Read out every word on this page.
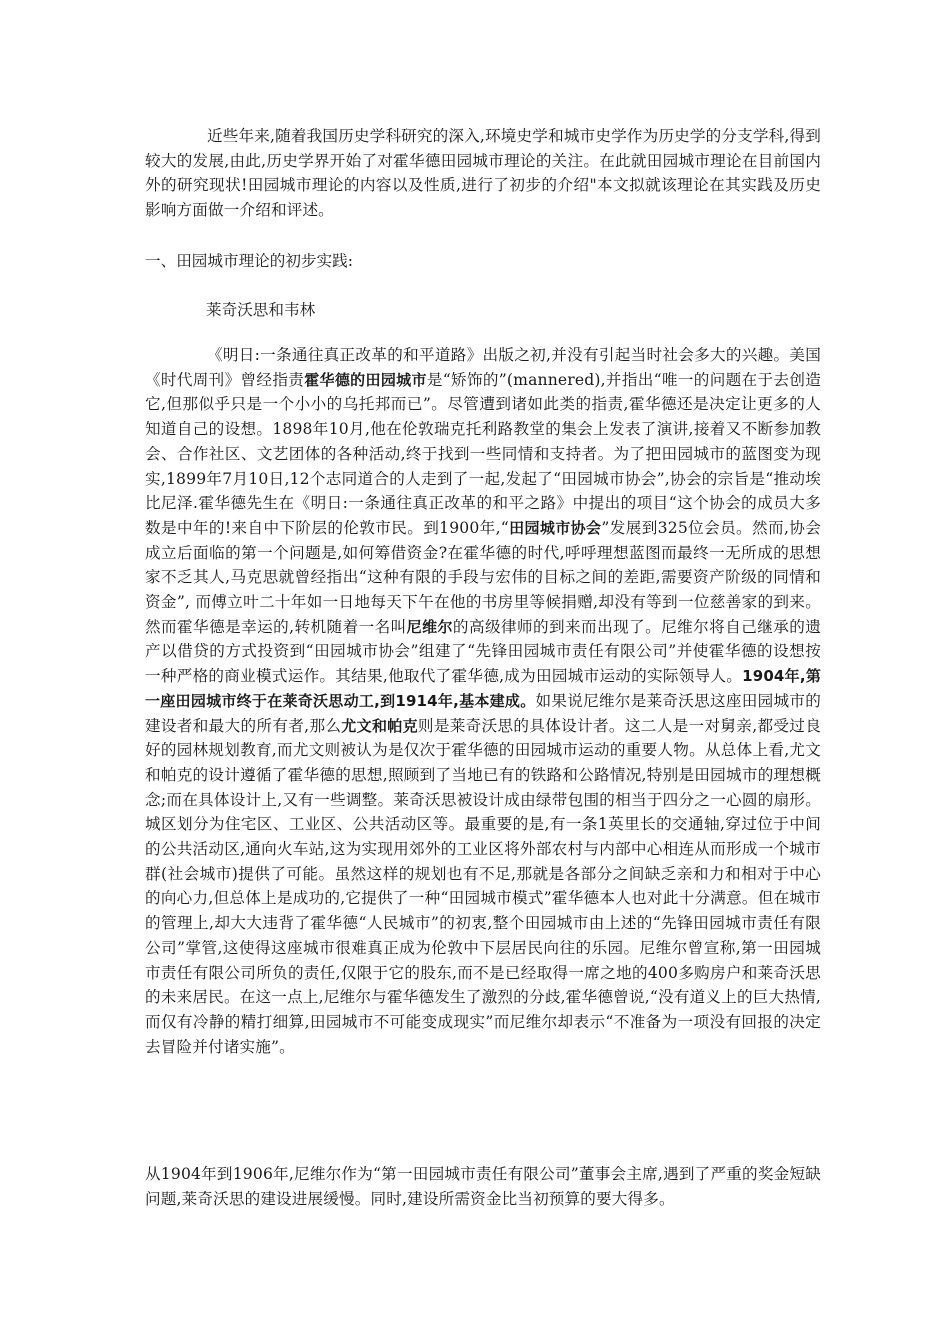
近些年来,随着我国历史学科研究的深入,环境史学和城市史学作为历史学的分支学科,得到较大的发展,由此,历史学界开始了对霍华德田园城市理论的关注。在此就田园城市理论在目前国内外的研究现状!田园城市理论的内容以及性质,进行了初步的介绍"本文拟就该理论在其实践及历史影响方面做一介绍和评述。

一、田园城市理论的初步实践:

莱奇沃思和韦林

《明日:一条通往真正改革的和平道路》出版之初,并没有引起当时社会多大的兴趣。美国《时代周刊》曾经指责霍华德的田园城市是“矫饰的”(mannered),并指出“唯一的问题在于去创造它,但那似乎只是一个小小的乌托邦而已”。尽管遭到诸如此类的指责,霍华德还是决定让更多的人知道自己的设想。1898年10月,他在伦敦瑞克托利路教堂的集会上发表了演讲,接着又不断参加教会、合作社区、文艺团体的各种活动,终于找到一些同情和支持者。为了把田园城市的蓝图变为现实,1899年7月10日,12个志同道合的人走到了一起,发起了“田园城市协会”,协会的宗旨是“推动埃比尼泽.霍华德先生在《明日:一条通往真正改革的和平之路》中提出的项目“这个协会的成员大多数是中年的!来自中下阶层的伦敦市民。到1900年,“田园城市协会”发展到325位会员。然而,协会成立后面临的第一个问题是,如何筹借资金?在霍华德的时代,呼呼理想蓝图而最终一无所成的思想家不乏其人,马克思就曾经指出“这种有限的手段与宏伟的目标之间的差距,需要资产阶级的同情和资金”, 而傅立叶二十年如一日地每天下午在他的书房里等候捐赠,却没有等到一位慈善家的到来。然而霍华德是幸运的,转机随着一名叫尼维尔的高级律师的到来而出现了。尼维尔将自己继承的遗产以借贷的方式投资到“田园城市协会”组建了“先锋田园城市责任有限公司”并使霍华德的设想按一种严格的商业模式运作。其结果,他取代了霍华德,成为田园城市运动的实际领导人。1904年,第一座田园城市终于在莱奇沃思动工,到1914年,基本建成。如果说尼维尔是莱奇沃思这座田园城市的建设者和最大的所有者,那么尤文和帕克则是莱奇沃思的具体设计者。这二人是一对舅亲,都受过良好的园林规划教育,而尤文则被认为是仅次于霍华德的田园城市运动的重要人物。从总体上看,尤文和帕克的设计遵循了霍华德的思想,照顾到了当地已有的铁路和公路情况,特别是田园城市的理想概念;而在具体设计上,又有一些调整。莱奇沃思被设计成由绿带包围的相当于四分之一心圆的扇形。城区划分为住宅区、工业区、公共活动区等。最重要的是,有一条1英里长的交通轴,穿过位于中间的公共活动区,通向火车站,这为实现用郊外的工业区将外部农村与内部中心相连从而形成一个城市群(社会城市)提供了可能。虽然这样的规划也有不足,那就是各部分之间缺乏亲和力和相对于中心的向心力,但总体上是成功的,它提供了一种“田园城市模式”霍华德本人也对此十分满意。但在城市的管理上,却大大违背了霍华德“人民城市”的初衷,整个田园城市由上述的“先锋田园城市责任有限公司”掌管,这使得这座城市很难真正成为伦敦中下层居民向往的乐园。尼维尔曾宣称,第一田园城市责任有限公司所负的责任,仅限于它的股东,而不是已经取得一席之地的400多购房户和莱奇沃思的未来居民。在这一点上,尼维尔与霍华德发生了激烈的分歧,霍华德曾说,“没有道义上的巨大热情,而仅有冷静的精打细算,田园城市不可能变成现实”而尼维尔却表示“不准备为一项没有回报的决定去冒险并付诸实施”。

从1904年到1906年,尼维尔作为“第一田园城市责任有限公司”董事会主席,遇到了严重的奖金短缺问题,莱奇沃思的建设进展缓慢。同时,建设所需资金比当初预算的要大得多。
